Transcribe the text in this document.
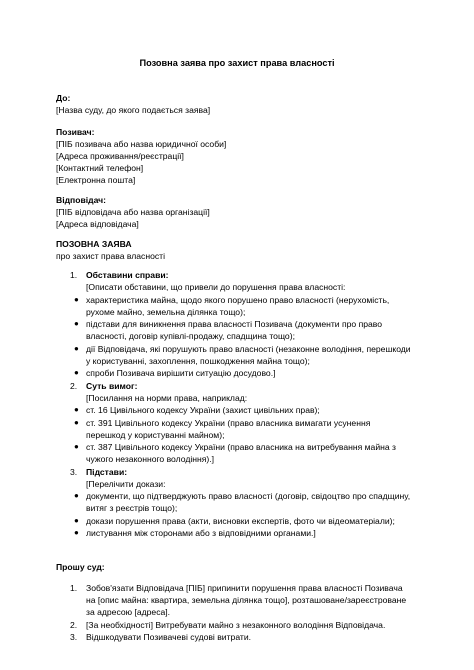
Позовна заява про захист права власності
До:
[Назва суду, до якого подається заява]
Позивач:
[ПІБ позивача або назва юридичної особи]
[Адреса проживання/реєстрації]
[Контактний телефон]
[Електронна пошта]
Відповідач:
[ПІБ відповідача або назва організації]
[Адреса відповідача]
ПОЗОВНА ЗАЯВА
про захист права власності
1. Обставини справи:
[Описати обставини, що привели до порушення права власності:
● характеристика майна, щодо якого порушено право власності (нерухомість,
рухоме майно, земельна ділянка тощо);
● підстави для виникнення права власності Позивача (документи про право
власності, договір купівлі-продажу, спадщина тощо);
● дії Відповідача, які порушують право власності (незаконне володіння, перешкоди
у користуванні, захоплення, пошкодження майна тощо);
● спроби Позивача вирішити ситуацію досудово.]
2. Суть вимог:
[Посилання на норми права, наприклад:
● ст. 16 Цивільного кодексу України (захист цивільних прав);
● ст. 391 Цивільного кодексу України (право власника вимагати усунення
перешкод у користуванні майном);
● ст. 387 Цивільного кодексу України (право власника на витребування майна з
чужого незаконного володіння).]
3. Підстави:
[Перелічити докази:
● документи, що підтверджують право власності (договір, свідоцтво про спадщину,
витяг з реєстрів тощо);
● докази порушення права (акти, висновки експертів, фото чи відеоматеріали);
● листування між сторонами або з відповідними органами.]
Прошу суд:
1. Зобов'язати Відповідача [ПІБ] припинити порушення права власності Позивача
на [опис майна: квартира, земельна ділянка тощо], розташоване/зареєстроване
за адресою [адреса].
2. [За необхідності] Витребувати майно з незаконного володіння Відповідача.
3. Відшкодувати Позивачеві судові витрати.
